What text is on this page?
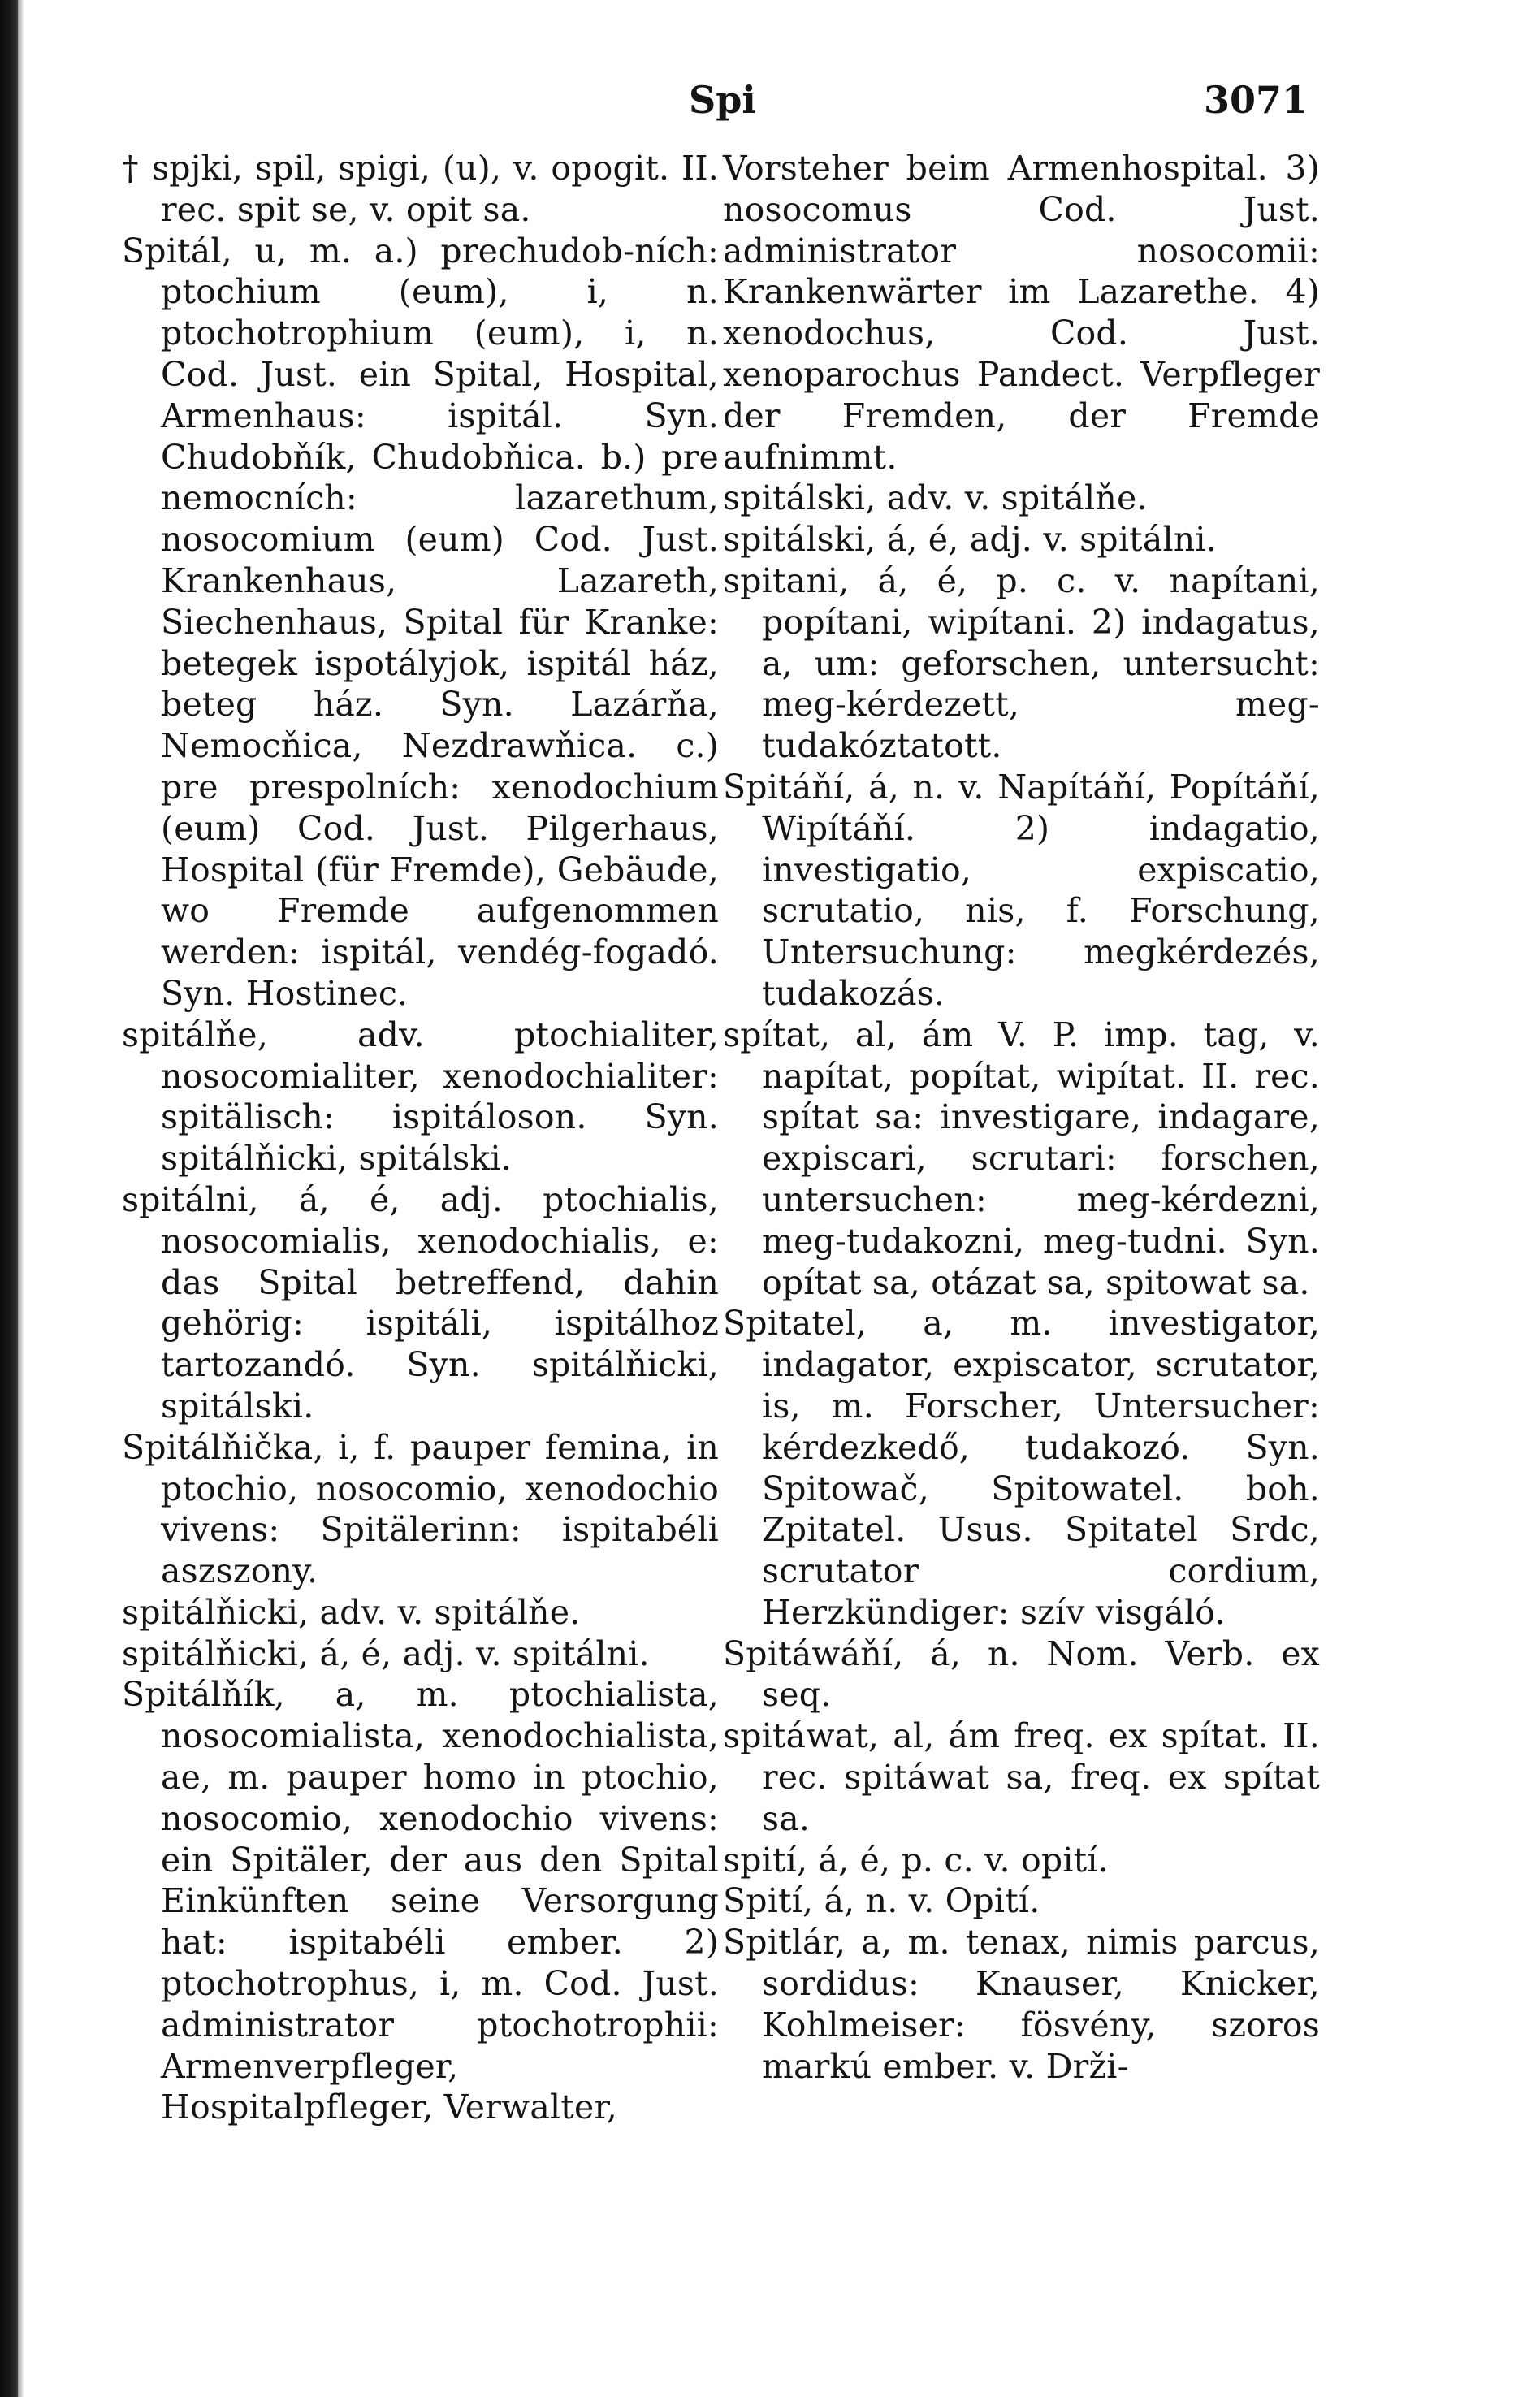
Spi	3071

† spjki, spil, spigi, (u), v. opogit. II. rec. spit se, v. opit sa.

Spitál, u, m. a.) prechudob-ních: ptochium (eum), i, n. ptochotrophium (eum), i, n. Cod. Just. ein Spital, Hospital, Armenhaus: ispitál. Syn. Chudobňík, Chudobňica. b.) pre nemocních: lazarethum, nosocomium (eum) Cod. Just. Krankenhaus, Lazareth, Siechenhaus, Spital für Kranke: betegek ispotályjok, ispitál ház, beteg ház. Syn. Lazárňa, Nemocňica, Nezdrawňica. c.) pre prespolních: xenodochium (eum) Cod. Just. Pilgerhaus, Hospital (für Fremde), Gebäude, wo Fremde aufgenommen werden: ispitál, vendég-fogadó. Syn. Hostinec.

spitálňe, adv. ptochialiter, nosocomialiter, xenodochialiter: spitälisch: ispitáloson. Syn. spitálňicki, spitálski.

spitálni, á, é, adj. ptochialis, nosocomialis, xenodochialis, e: das Spital betreffend, dahin gehörig: ispitáli, ispitálhoz tartozandó. Syn. spitálňicki, spitálski.

Spitálňička, i, f. pauper femina, in ptochio, nosocomio, xenodochio vivens: Spitälerinn: ispitabéli aszszony.

spitálňicki, adv. v. spitálňe.

spitálňicki, á, é, adj. v. spitálni.

Spitálňík, a, m. ptochialista, nosocomialista, xenodochialista, ae, m. pauper homo in ptochio, nosocomio, xenodochio vivens: ein Spitäler, der aus den Spital Einkünften seine Versorgung hat: ispitabéli ember. 2) ptochotrophus, i, m. Cod. Just. administrator ptochotrophii: Armenverpfleger, Hospitalpfleger, Verwalter,

Vorsteher beim Armenhospital. 3) nosocomus Cod. Just. administrator nosocomii: Krankenwärter im Lazarethe. 4) xenodochus, Cod. Just. xenoparochus Pandect. Verpfleger der Fremden, der Fremde aufnimmt.

spitálski, adv. v. spitálňe.

spitálski, á, é, adj. v. spitálni.

spitani, á, é, p. c. v. napítani, popítani, wipítani. 2) indagatus, a, um: geforschen, untersucht: meg-kérdezett, meg-tudakóztatott.

Spitáňí, á, n. v. Napítáňí, Popítáňí, Wipítáňí. 2) indagatio, investigatio, expiscatio, scrutatio, nis, f. Forschung, Untersuchung: megkérdezés, tudakozás.

spítat, al, ám V. P. imp. tag, v. napítat, popítat, wipítat. II. rec. spítat sa: investigare, indagare, expiscari, scrutari: forschen, untersuchen: meg-kérdezni, meg-tudakozni, meg-tudni. Syn. opítat sa, otázat sa, spitowat sa.

Spitatel, a, m. investigator, indagator, expiscator, scrutator, is, m. Forscher, Untersucher: kérdezkedő, tudakozó. Syn. Spitowač, Spitowatel. boh. Zpitatel. Usus. Spitatel Srdc, scrutator cordium, Herzkündiger: szív visgáló.

Spitáwáňí, á, n. Nom. Verb. ex seq.

spitáwat, al, ám freq. ex spítat. II. rec. spitáwat sa, freq. ex spítat sa.

spití, á, é, p. c. v. opití.

Spití, á, n. v. Opití.

Spitlár, a, m. tenax, nimis parcus, sordidus: Knauser, Knicker, Kohlmeiser: fösvény, szoros markú ember. v. Drži-
